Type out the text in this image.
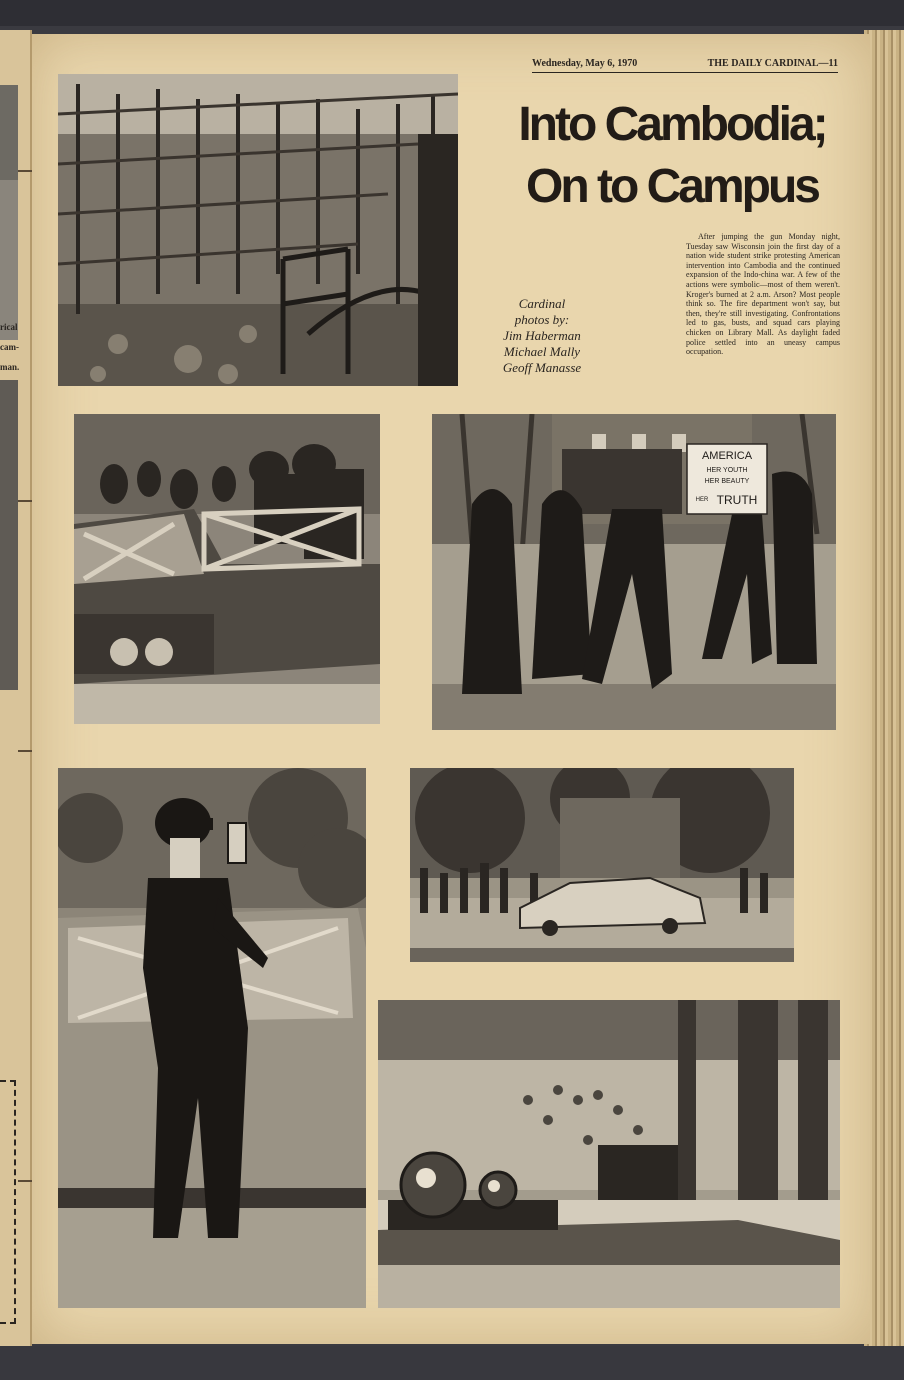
rical
cam-
man.
Wednesday, May 6, 1970	THE DAILY CARDINAL—11
Into Cambodia;
On to Campus
Cardinal
photos by:
Jim Haberman
Michael Mally
Geoff Manasse
After jumping the gun Monday night, Tuesday saw Wisconsin join the first day of a nation wide student strike protesting American intervention into Cambodia and the continued expansion of the Indo-china war. A few of the actions were symbolic—most of them weren't. Kroger's burned at 2 a.m. Arson? Most people think so. The fire department won't say, but then, they're still investigating. Confrontations led to gas, busts, and squad cars playing chicken on Library Mall. As daylight faded police settled into an uneasy campus occupation.
AMERICA
HER YOUTH
HER BEAUTY
HER TRUTH
